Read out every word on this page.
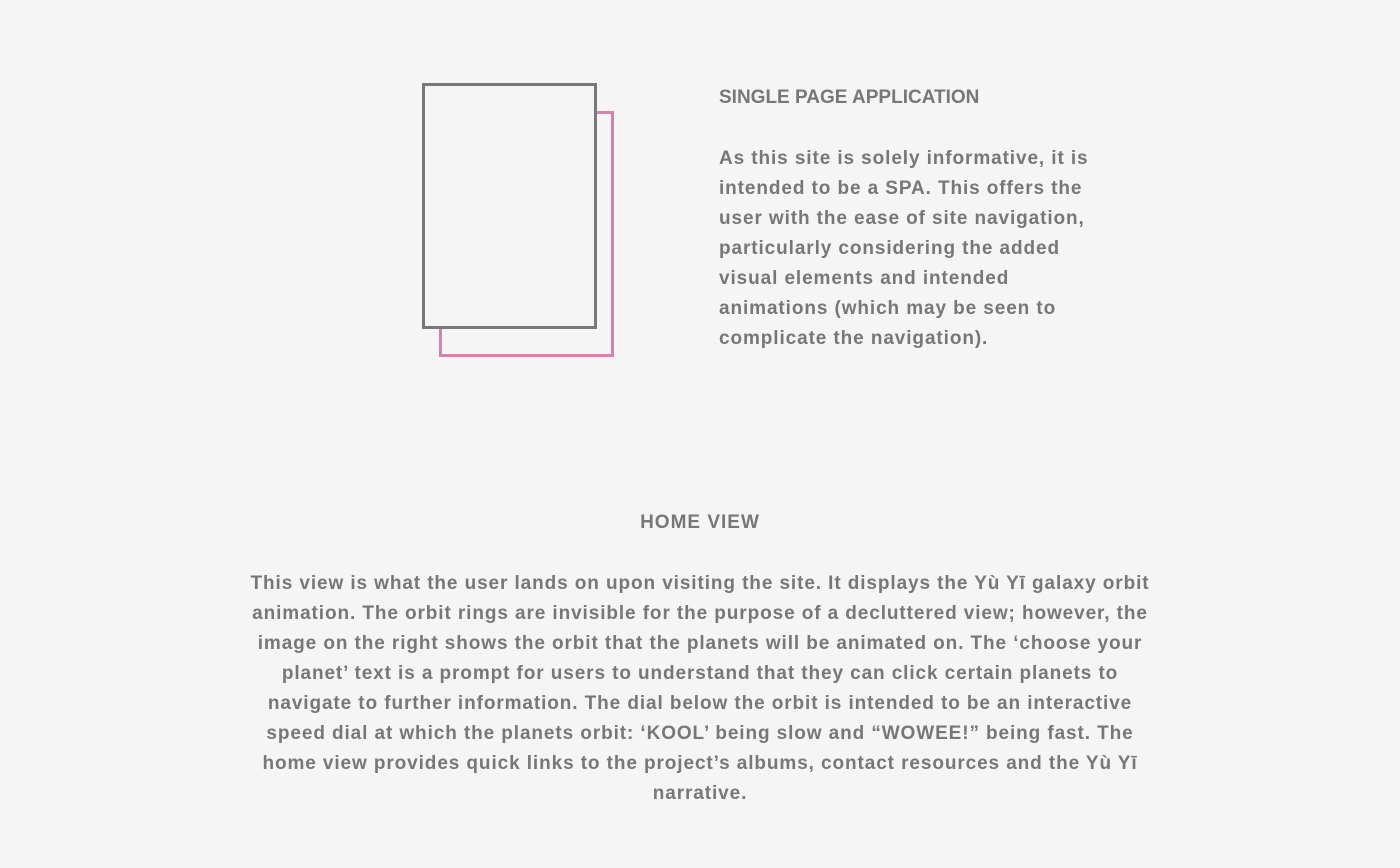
SINGLE PAGE APPLICATION

As this site is solely informative, it is intended to be a SPA. This offers the user with the ease of site navigation, particularly considering the added visual elements and intended animations (which may be seen to complicate the navigation).

HOME VIEW

This view is what the user lands on upon visiting the site. It displays the Yù Yī galaxy orbit animation. The orbit rings are invisible for the purpose of a decluttered view; however, the image on the right shows the orbit that the planets will be animated on. The ‘choose your planet’ text is a prompt for users to understand that they can click certain planets to navigate to further information. The dial below the orbit is intended to be an interactive speed dial at which the planets orbit: ‘KOOL’ being slow and “WOWEE!” being fast. The home view provides quick links to the project’s albums, contact resources and the Yù Yī narrative.
